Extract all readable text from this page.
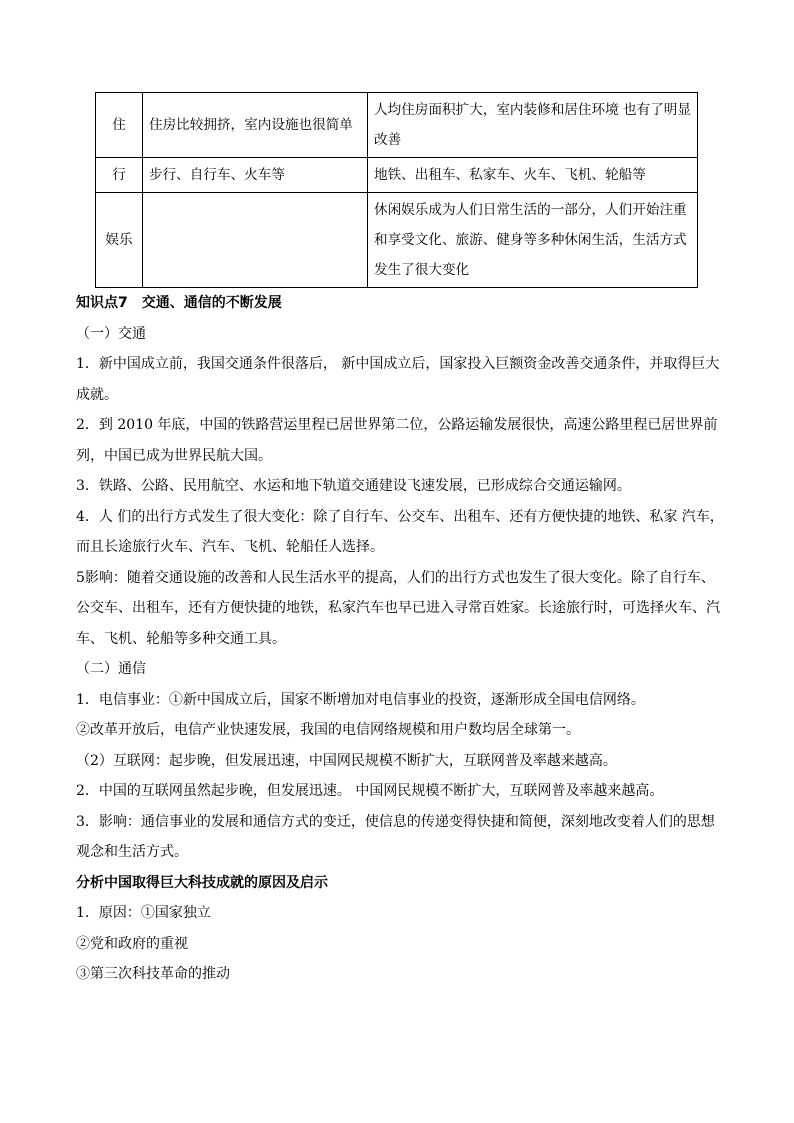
住	住房比较拥挤，室内设施也很简单	人均住房面积扩大，室内装修和居住环境 也有了明显改善
行	步行、自行车、火车等	地铁、出租车、私家车、火车、飞机、轮船等
娱乐		休闲娱乐成为人们日常生活的一部分，人们开始注重和享受文化、旅游、健身等多种休闲生活，生活方式发生了很大变化

知识点7　交通、通信的不断发展

（一）交通

1．新中国成立前，我国交通条件很落后， 新中国成立后，国家投入巨额资金改善交通条件，并取得巨大成就。

2．到 2010 年底，中国的铁路营运里程已居世界第二位，公路运输发展很快，高速公路里程已居世界前列，中国已成为世界民航大国。

3．铁路、公路、民用航空、水运和地下轨道交通建设飞速发展，已形成综合交通运输网。

4．人 们的出行方式发生了很大变化：除了自行车、公交车、出租车、还有方便快捷的地铁、私家 汽车，而且长途旅行火车、汽车、飞机、轮船任人选择。

5影响：随着交通设施的改善和人民生活水平的提高，人们的出行方式也发生了很大变化。除了自行车、公交车、出租车，还有方便快捷的地铁，私家汽车也早已进入寻常百姓家。长途旅行时，可选择火车、汽车、飞机、轮船等多种交通工具。

（二）通信

1．电信事业：①新中国成立后，国家不断增加对电信事业的投资，逐渐形成全国电信网络。

②改革开放后，电信产业快速发展，我国的电信网络规模和用户数均居全球第一。

（2）互联网：起步晚，但发展迅速，中国网民规模不断扩大，互联网普及率越来越高。

2．中国的互联网虽然起步晚，但发展迅速。 中国网民规模不断扩大，互联网普及率越来越高。

3．影响：通信事业的发展和通信方式的变迁，使信息的传递变得快捷和简便，深刻地改变着人们的思想观念和生活方式。

分析中国取得巨大科技成就的原因及启示

1．原因：①国家独立

②党和政府的重视

③第三次科技革命的推动
